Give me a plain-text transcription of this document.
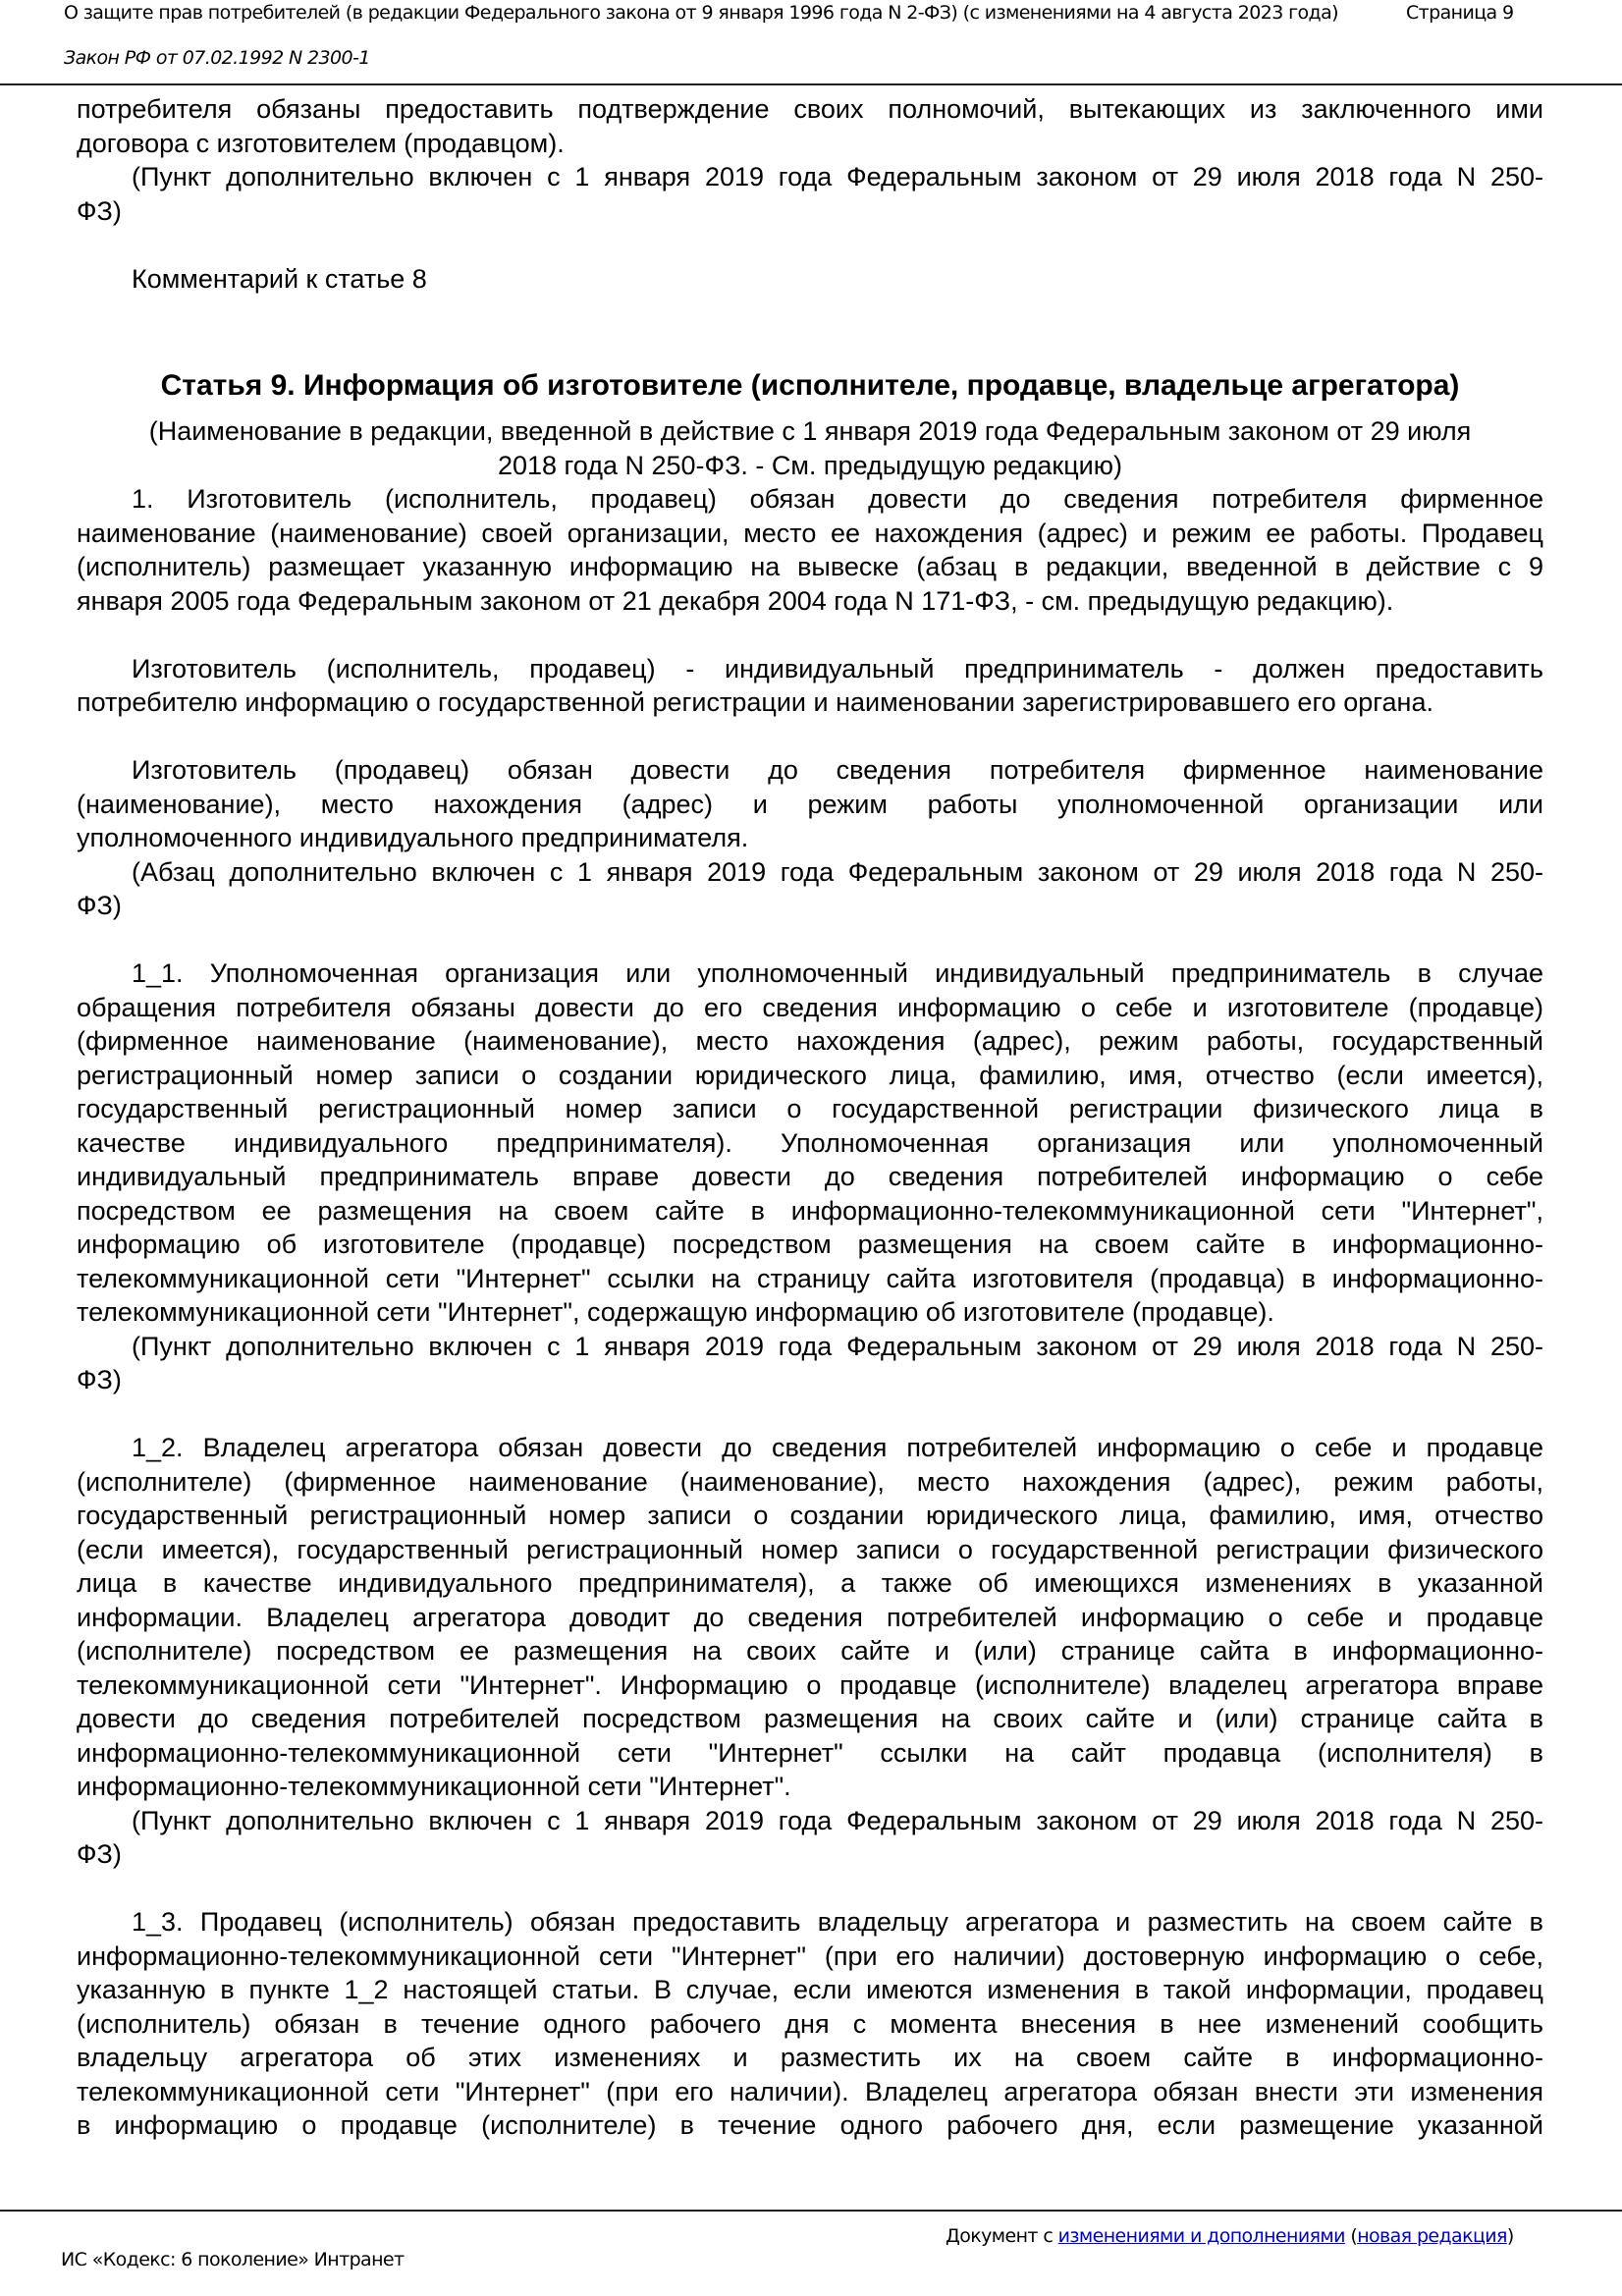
О защите прав потребителей (в редакции Федерального закона от 9 января 1996 года N 2-ФЗ) (с изменениями на 4 августа 2023 года)	Страница 9
Закон РФ от 07.02.1992 N 2300-1
потребителя обязаны предоставить подтверждение своих полномочий, вытекающих из заключенного ими
договора с изготовителем (продавцом).
(Пункт дополнительно включен с 1 января 2019 года Федеральным законом от 29 июля 2018 года N 250-
ФЗ)
Комментарий к статье 8
Статья 9. Информация об изготовителе (исполнителе, продавце, владельце агрегатора)
(Наименование в редакции, введенной в действие с 1 января 2019 года Федеральным законом от 29 июля
2018 года N 250-ФЗ. - См. предыдущую редакцию)
1. Изготовитель (исполнитель, продавец) обязан довести до сведения потребителя фирменное
наименование (наименование) своей организации, место ее нахождения (адрес) и режим ее работы. Продавец
(исполнитель) размещает указанную информацию на вывеске (абзац в редакции, введенной в действие с 9
января 2005 года Федеральным законом от 21 декабря 2004 года N 171-ФЗ, - см. предыдущую редакцию).
Изготовитель (исполнитель, продавец) - индивидуальный предприниматель - должен предоставить
потребителю информацию о государственной регистрации и наименовании зарегистрировавшего его органа.
Изготовитель (продавец) обязан довести до сведения потребителя фирменное наименование
(наименование), место нахождения (адрес) и режим работы уполномоченной организации или
уполномоченного индивидуального предпринимателя.
(Абзац дополнительно включен с 1 января 2019 года Федеральным законом от 29 июля 2018 года N 250-
ФЗ)
1_1. Уполномоченная организация или уполномоченный индивидуальный предприниматель в случае
обращения потребителя обязаны довести до его сведения информацию о себе и изготовителе (продавце)
(фирменное наименование (наименование), место нахождения (адрес), режим работы, государственный
регистрационный номер записи о создании юридического лица, фамилию, имя, отчество (если имеется),
государственный регистрационный номер записи о государственной регистрации физического лица в
качестве индивидуального предпринимателя). Уполномоченная организация или уполномоченный
индивидуальный предприниматель вправе довести до сведения потребителей информацию о себе
посредством ее размещения на своем сайте в информационно-телекоммуникационной сети "Интернет",
информацию об изготовителе (продавце) посредством размещения на своем сайте в информационно-
телекоммуникационной сети "Интернет" ссылки на страницу сайта изготовителя (продавца) в информационно-
телекоммуникационной сети "Интернет", содержащую информацию об изготовителе (продавце).
(Пункт дополнительно включен с 1 января 2019 года Федеральным законом от 29 июля 2018 года N 250-
ФЗ)
1_2. Владелец агрегатора обязан довести до сведения потребителей информацию о себе и продавце
(исполнителе) (фирменное наименование (наименование), место нахождения (адрес), режим работы,
государственный регистрационный номер записи о создании юридического лица, фамилию, имя, отчество
(если имеется), государственный регистрационный номер записи о государственной регистрации физического
лица в качестве индивидуального предпринимателя), а также об имеющихся изменениях в указанной
информации. Владелец агрегатора доводит до сведения потребителей информацию о себе и продавце
(исполнителе) посредством ее размещения на своих сайте и (или) странице сайта в информационно-
телекоммуникационной сети "Интернет". Информацию о продавце (исполнителе) владелец агрегатора вправе
довести до сведения потребителей посредством размещения на своих сайте и (или) странице сайта в
информационно-телекоммуникационной сети "Интернет" ссылки на сайт продавца (исполнителя) в
информационно-телекоммуникационной сети "Интернет".
(Пункт дополнительно включен с 1 января 2019 года Федеральным законом от 29 июля 2018 года N 250-
ФЗ)
1_3. Продавец (исполнитель) обязан предоставить владельцу агрегатора и разместить на своем сайте в
информационно-телекоммуникационной сети "Интернет" (при его наличии) достоверную информацию о себе,
указанную в пункте 1_2 настоящей статьи. В случае, если имеются изменения в такой информации, продавец
(исполнитель) обязан в течение одного рабочего дня с момента внесения в нее изменений сообщить
владельцу агрегатора об этих изменениях и разместить их на своем сайте в информационно-
телекоммуникационной сети "Интернет" (при его наличии). Владелец агрегатора обязан внести эти изменения
в информацию о продавце (исполнителе) в течение одного рабочего дня, если размещение указанной
Документ с изменениями и дополнениями (новая редакция)
ИС «Кодекс: 6 поколение» Интранет
